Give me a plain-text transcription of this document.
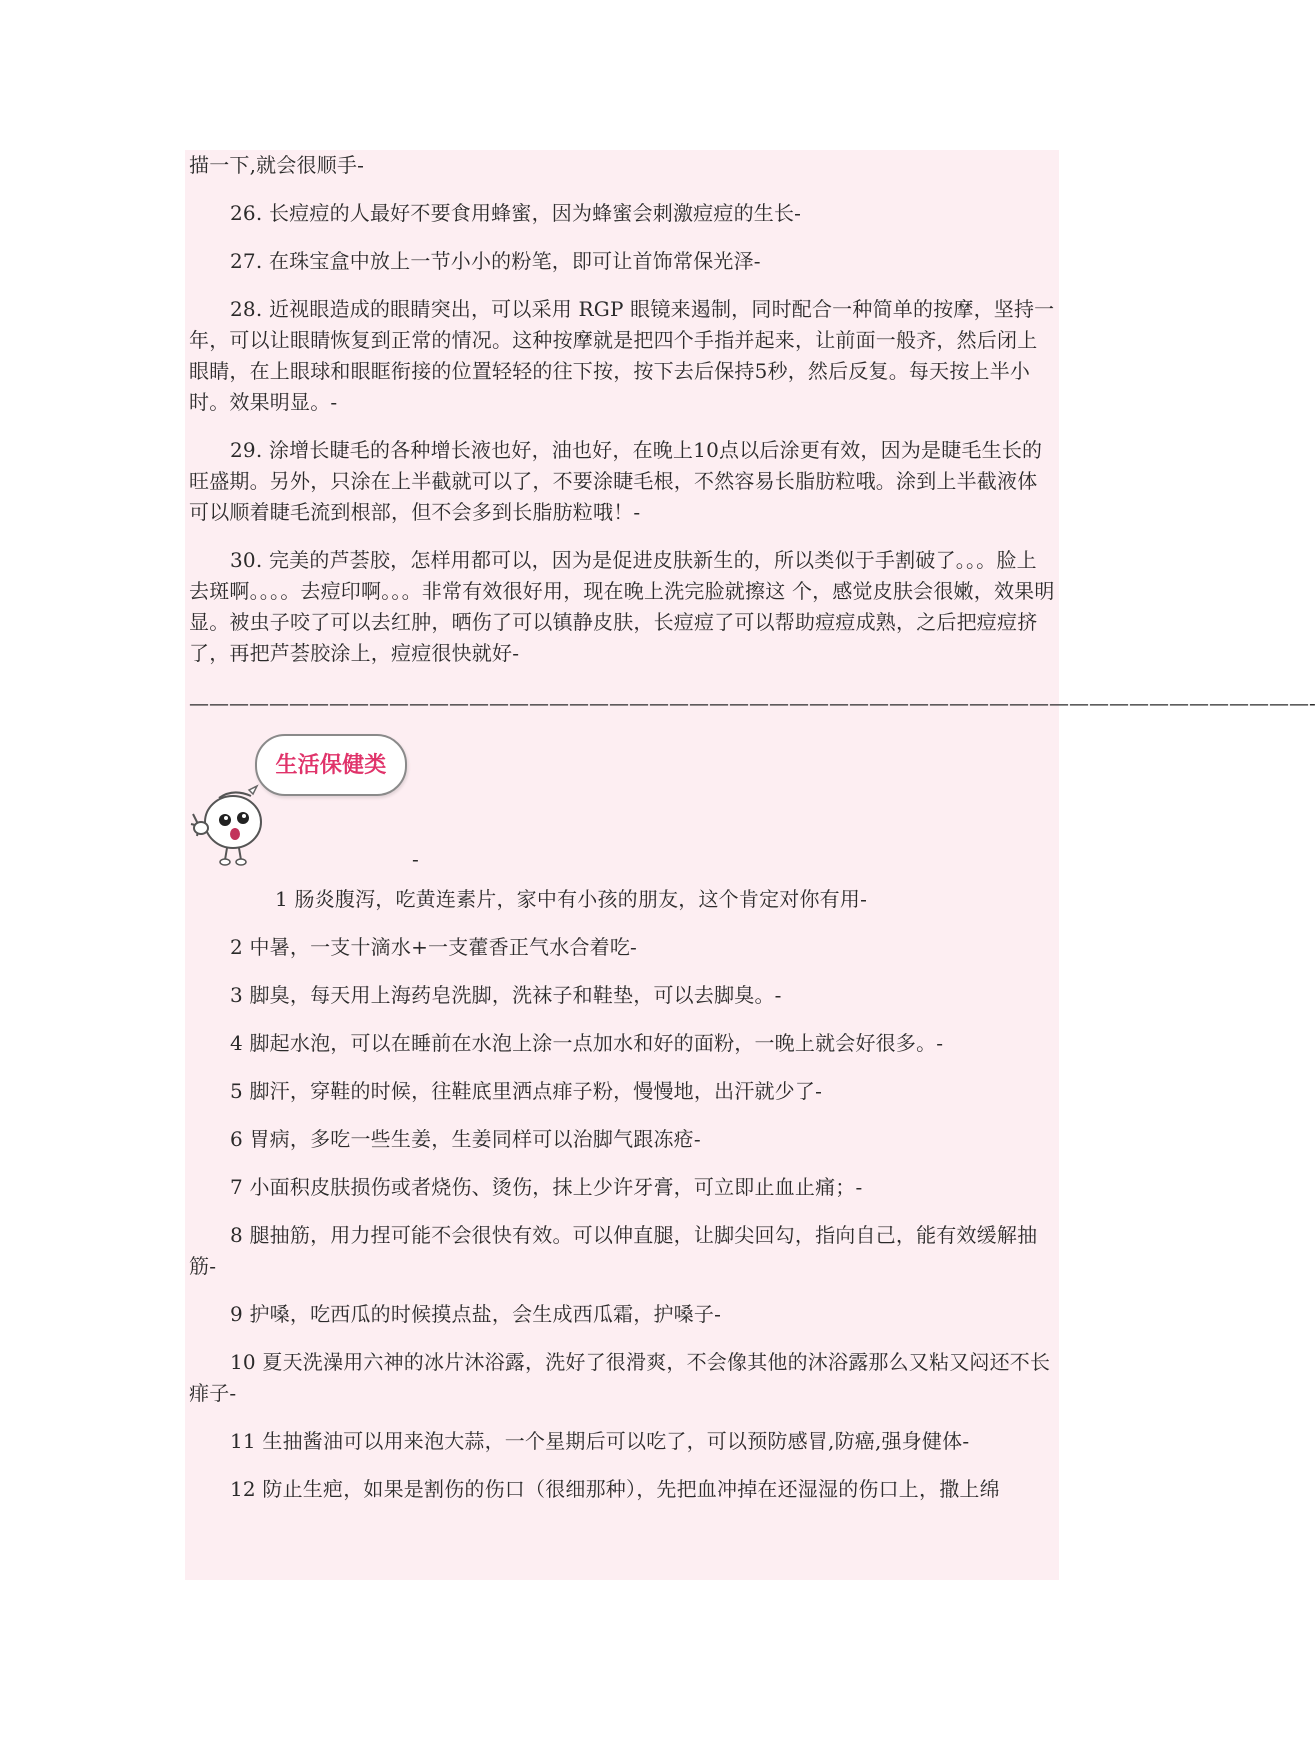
描一下,就会很顺手-

26. 长痘痘的人最好不要食用蜂蜜，因为蜂蜜会刺激痘痘的生长-

27. 在珠宝盒中放上一节小小的粉笔，即可让首饰常保光泽-

28. 近视眼造成的眼睛突出，可以采用 RGP 眼镜来遏制，同时配合一种简单的按摩，坚持一年，可以让眼睛恢复到正常的情况。这种按摩就是把四个手指并起来，让前面一般齐，然后闭上眼睛，在上眼球和眼眶衔接的位置轻轻的往下按，按下去后保持5秒，然后反复。每天按上半小时。效果明显。-

29. 涂增长睫毛的各种增长液也好，油也好，在晚上10点以后涂更有效，因为是睫毛生长的旺盛期。另外，只涂在上半截就可以了，不要涂睫毛根，不然容易长脂肪粒哦。涂到上半截液体可以顺着睫毛流到根部，但不会多到长脂肪粒哦！-

30. 完美的芦荟胶，怎样用都可以，因为是促进皮肤新生的，所以类似于手割破了。。。脸上去斑啊。。。。去痘印啊。。。非常有效很好用，现在晚上洗完脸就擦这 个，感觉皮肤会很嫩，效果明显。被虫子咬了可以去红肿，晒伤了可以镇静皮肤，长痘痘了可以帮助痘痘成熟，之后把痘痘挤了，再把芦荟胶涂上，痘痘很快就好-

————————————————————————————————————————————————————————-
生活保健类
-

1 肠炎腹泻，吃黄连素片，家中有小孩的朋友，这个肯定对你有用-

2 中暑，一支十滴水+一支藿香正气水合着吃-

3 脚臭，每天用上海药皂洗脚，洗袜子和鞋垫，可以去脚臭。-

4 脚起水泡，可以在睡前在水泡上涂一点加水和好的面粉，一晚上就会好很多。-

5 脚汗，穿鞋的时候，往鞋底里洒点痱子粉，慢慢地，出汗就少了-

6 胃病，多吃一些生姜，生姜同样可以治脚气跟冻疮-

7 小面积皮肤损伤或者烧伤、烫伤，抹上少许牙膏，可立即止血止痛；-

8 腿抽筋，用力捏可能不会很快有效。可以伸直腿，让脚尖回勾，指向自己，能有效缓解抽筋-

9 护嗓，吃西瓜的时候摸点盐，会生成西瓜霜，护嗓子-

10 夏天洗澡用六神的冰片沐浴露，洗好了很滑爽，不会像其他的沐浴露那么又粘又闷还不长痱子-

11 生抽酱油可以用来泡大蒜，一个星期后可以吃了，可以预防感冒,防癌,强身健体-

12 防止生疤，如果是割伤的伤口（很细那种），先把血冲掉在还湿湿的伤口上，撒上绵
